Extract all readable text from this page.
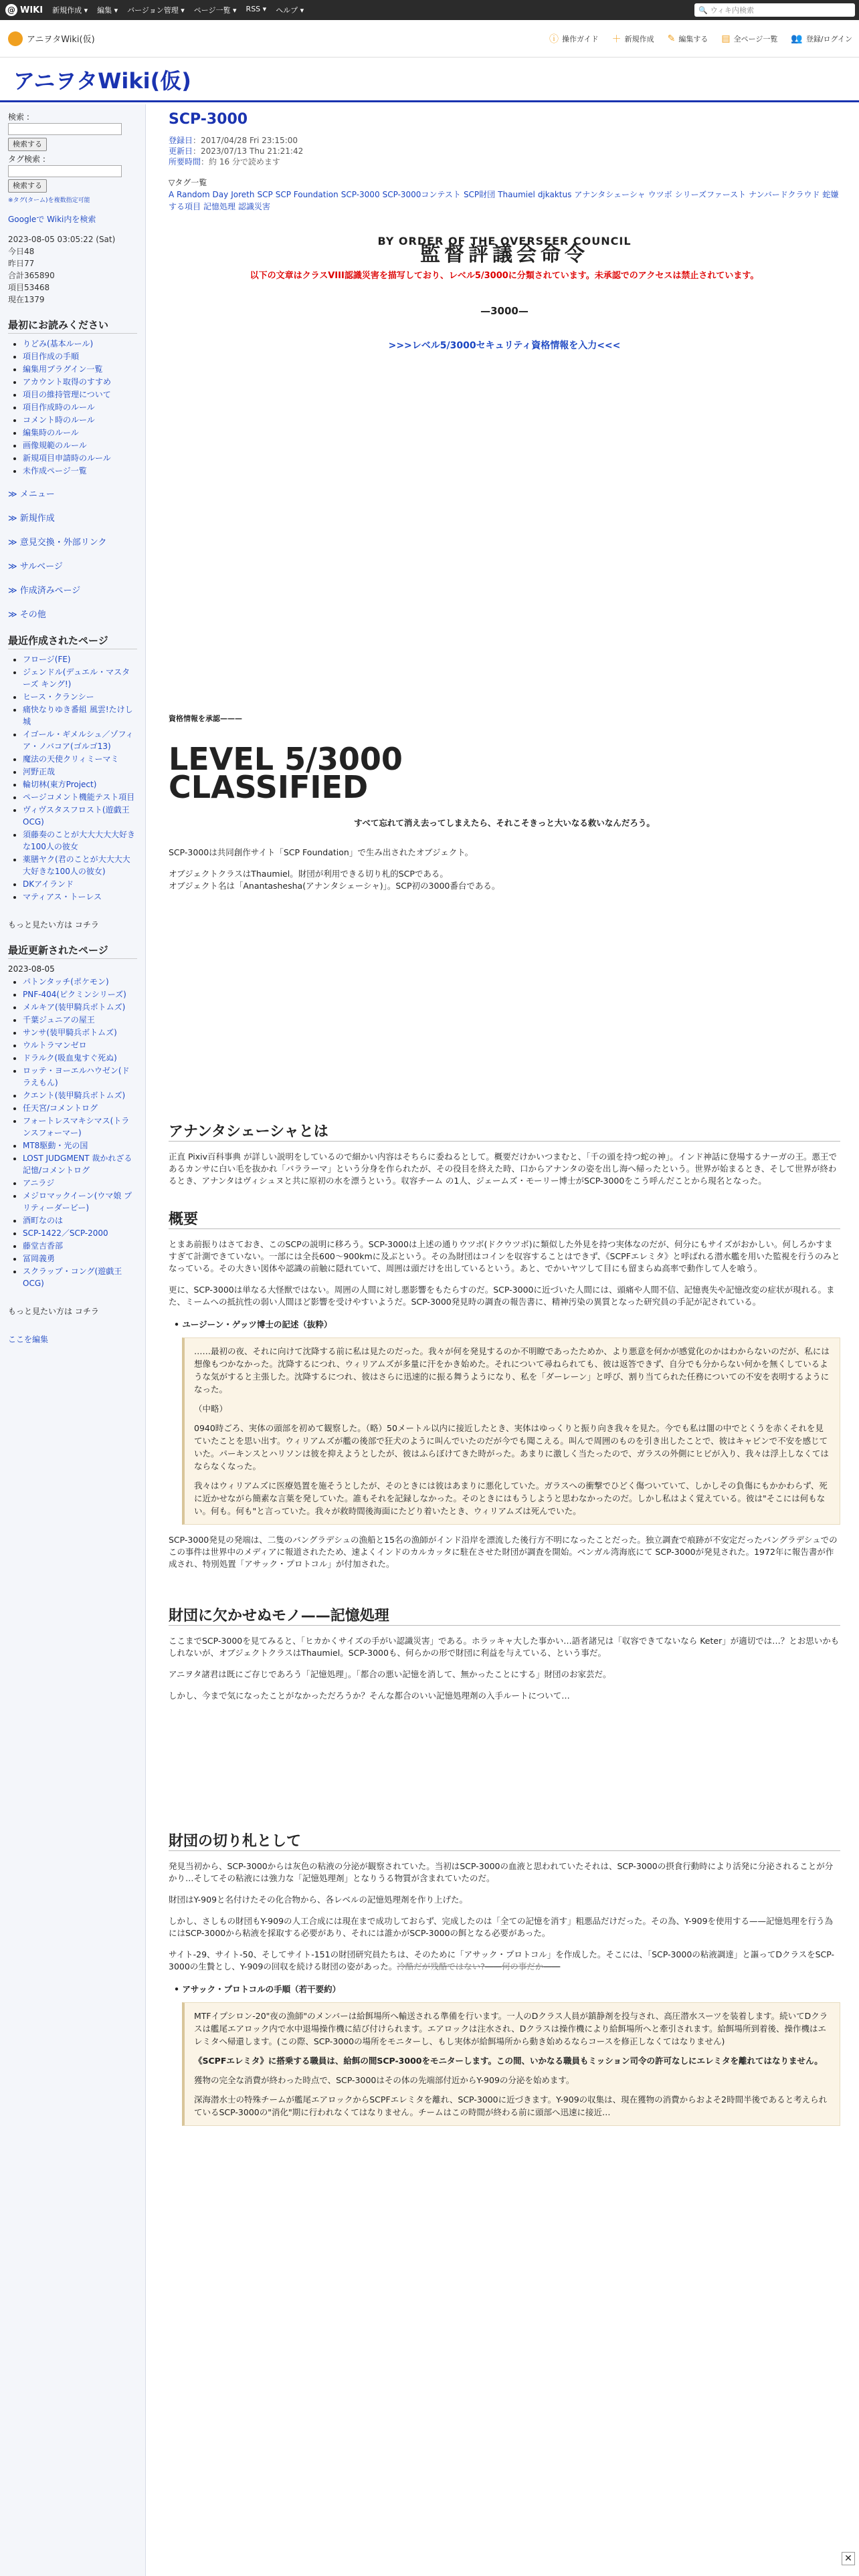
@ WIKI 新規作成 ▾ 編集 ▾ バージョン管理 ▾ ページ一覧 ▾ RSS ▾ ヘルプ ▾	🔍 ウィキ内検索
アニヲタWiki(仮)	ⓘ 操作ガイド ＋ 新規作成 ✎ 編集する ▤ 全ページ一覧 👥 登録/ログイン
アニヲタWiki(仮)
検索 :
検索する
タグ検索 :
検索する
※タグ(ターム)を複数指定可能
Googleで Wiki内を検索
2023-08-05 03:05:22 (Sat)
今日48
昨日77
合計365890
項目53468
現在1379
最初にお読みください
• りどみ(基本ルール)
• 項目作成の手順
• 編集用プラグイン一覧
• アカウント取得のすすめ
• 項目の維持管理について
• 項目作成時のルール
• コメント時のルール
• 編集時のルール
• 画像規範のルール
• 新規項目申請時のルール
• 未作成ページ一覧
≫ メニュー
≫ 新規作成
≫ 意見交換・外部リンク
≫ サルベージ
≫ 作成済みページ
≫ その他
最近作成されたページ
• フロージ(FE)
• ジェンドル(デュエル・マスターズ キング!)
• ヒース・クランシー
• 痛快なりゆき番組 風雲!たけし城
• イゴール・ギメルシュ／ゾフィア・ノバコア(ゴルゴ13)
• 魔法の天使クリィミーマミ
• 河野正哉
• 輪切林(東方Project)
• ページコメント機能テスト項目
• ヴィヴスタスフロスト(遊戯王OCG)
• 須藤奏のことが大大大大大好きな100人の彼女
• 薬膳ヤク(君のことが大大大大大好きな100人の彼女)
• DKアイランド
• マティアス・トーレス
もっと見たい方は コチラ
最近更新されたページ
2023-08-05
• パトンタッチ(ポケモン)
• PNF-404(ピクミンシリーズ)
• メルキア(装甲騎兵ボトムズ)
• 千葉ジュニアの屋王
• サンサ(装甲騎兵ボトムズ)
• ウルトラマンゼロ
• ドラルク(吸血鬼すぐ死ぬ)
• ロッテ・ヨーエルハウゼン(ドラえもん)
• クエント(装甲騎兵ボトムズ)
• 任天宮/コメントログ
• フォートレスマキシマス(トランスフォーマー)
• MT8駆動・光の国
• LOST JUDGMENT 裁かれざる記憶/コメントログ
• アニラジ
• メジロマックイーン(ウマ娘 プリティーダービー)
• 酒町なのは
• SCP-1422／SCP-2000
• 藤堂吉香部
• 冨岡義勇
• スクラップ・コング(遊戯王OCG)
もっと見たい方は コチラ
ここを編集
SCP-3000
登録日：2017/04/28 Fri 23:15:00
更新日：2023/07/13 Thu 21:21:42
所要時間：約 16 分で読めます
▽タグ一覧
A Random Day Joreth SCP SCP Foundation SCP-3000 SCP-3000コンテスト SCP財団 Thaumiel djkaktus アナンタシェーシャ ウツボ シリーズファースト ナンバードクラウド 蛇嫌する項目 記憶処理 認識災害
BY ORDER OF THE OVERSEER COUNCIL
監督評議会命令
以下の文章はクラスVIII認識災害を描写しており、レベル5/3000に分類されています。未承認でのアクセスは禁止されています。
—3000—
>>>レベル5/3000セキュリティ資格情報を入力<<<
資格情報を承認———
LEVEL 5/3000
CLASSIFIED
すべて忘れて消え去ってしまえたら、それこそきっと大いなる救いなんだろう。
SCP-3000は共同創作サイト「SCP Foundation」で生み出されたオブジェクト。
オブジェクトクラスはThaumiel。財団が利用できる切り札的SCPである。
オブジェクト名は「Anantashesha(アナンタシェーシャ)」。SCP初の3000番台である。
アナンタシェーシャとは
正直 Pixiv百科事典 が詳しい説明をしているので細かい内容はそちらに委ねるとして。概要だけかいつまむと、「千の頭を持つ蛇の神」。インド神話に登場するナーガの王。悪王であるカンサに白い毛を抜かれ「バララーマ」という分身を作られたが、その役目を終えた時、口からアナンタの姿を出し海へ帰ったという。世界が始まるとき、そして世界が終わるとき、アナンタはヴィシュヌと共に原初の水を漂うという。収容チーム の1人、ジェームズ・モーリー博士がSCP-3000をこう呼んだことから現名となった。
概要
とまあ前振りはさておき、このSCPの説明に移ろう。SCP-3000は上述の通りウツボ(ドクウツボ)に類似した外見を持つ実体なのだが、何分にもサイズがおかしい。何しろかすますぎて計測できていない。一部には全長600〜900kmに及ぶという。その為財団はコインを収容することはできず、《SCPFエレミタ》と呼ばれる潜水艦を用いた監視を行うのみとなっている。その大きい図体や認識の前触に隠れていて、周囲は頭だけを出しているという。あと、でかいヤツして目にも留まらぬ高率で動作して人を喰う。
更に、SCP-3000は単なる大怪獣ではない。周囲の人間に対し悪影響をもたらすのだ。SCP-3000に近づいた人間には、頭痛や人間不信、記憶喪失や記憶改変の症状が現れる。また、ミームへの抵抗性の弱い人間ほど影響を受けやすいようだ。SCP-3000発見時の調査の報告書に、精神汚染の異質となった研究員の手記が記されている。
• ユージーン・ゲッツ博士の記述（抜粋）
……最初の夜、それに向けて沈降する前に私は見たのだった。我々が何を発見するのか不明瞭であったためか、より悪意を何かが感覚化のかはわからないのだが、私には想像もつかなかった。沈降するにつれ、ウィリアムズが多量に汗をかき始めた。それについて尋ねられても、彼は返答できず、自分でも分からない何かを無くしているような気がすると主張した。沈降するにつれ、彼はさらに迅速的に振る舞うようになり、私を「ダーレーン」と呼び、割り当てられた任務についての不安を表明するようになった。
（中略）
0940時ごろ、実体の頭部を初めて観察した。（略）50メートル以内に接近したとき、実体はゆっくりと振り向き我々を見た。今でも私は闇の中でとくうを赤くそれを見ていたことを思い出す。ウィリアムズが艦の後部で狂犬のように叫んでいたのだが今でも聞こえる。叫んで周囲のものを引き出したことで、彼はキャビンで不安を感じていた。パーキンスとハリソンは彼を抑えようとしたが、彼はふらぼけてきた時がった。あまりに激しく当たったので、ガラスの外側にヒビが入り、我々は浮上しなくてはならなくなった。
我々はウィリアムズに医療処置を施そうとしたが、そのときには彼はあまりに悪化していた。ガラスへの衝撃でひどく傷ついていて、しかしその負傷にもかかわらず、死に近かせながら簡素な言葉を発していた。誰もそれを記録しなかった。そのときにはもうしようと思わなかったのだ。しかし私はよく覚えている。彼は"そこには何もない。何も。何も"と言っていた。我々が救時間後海面にたどり着いたとき、ウィリアムズは死んでいた。
SCP-3000発見の発端は、二隻のバングラデシュの漁船と15名の漁師がインド沿岸を漂流した後行方不明になったことだった。独立調査で痕跡が不安定だったバングラデシュでのこの事件は世界中のメディアに報道されたため、速よくインドのカルカッタに駐在させた財団が調査を開始。ベンガル湾海底にて SCP-3000が発見された。1972年に報告書が作成され、特別処置「アサック・プロトコル」が付加された。
財団に欠かせぬモノ——記憶処理
ここまでSCP-3000を見てみると、「ヒカかくサイズの手がい認識災害」である。ホラッキャ大した事かい…語者諸兄は「収容できてないなら Keter」が適切では…？とお思いかもしれないが、オブジェクトクラスはThaumiel。SCP-3000も、何らかの形で財団に利益を与えている、という事だ。
アニヲタ諸君は既にご存じであろう「記憶処理」。「都合の悪い記憶を消して、無かったことにする」財団のお家芸だ。
しかし、今まで気になったことがなかっただろうか？そんな都合のいい記憶処理剤の入手ルートについて…
財団の切り札として
発見当初から、SCP-3000からは灰色の粘液の分泌が観察されていた。当初はSCP-3000の血液と思われていたそれは、SCP-3000の摂食行動時により活発に分泌されることが分かり…そしてその粘液には強力な「記憶処理剤」となりうる物質が含まれていたのだ。
財団はY-909と名付けたその化合物から、各レベルの記憶処理剤を作り上げた。
しかし、さしもの財団もY-909の人工合成には現在まで成功しておらず、完成したのは「全ての記憶を消す」粗悪品だけだった。その為、Y-909を使用する——記憶処理を行う為にはSCP-3000から粘液を採取する必要があり、それには誰かがSCP-3000の餌となる必要があった。
サイト-29、サイト-50、そしてサイト-151の財団研究員たちは、そのために「アサック・プロトコル」を作成した。そこには、「SCP-3000の粘液調達」と謳ってDクラスをSCP-3000の生贄とし、Y-909の回収を続ける財団の姿があった。冷酷だが残酷ではない?――何の事だか――
• アサック・プロトコルの手順（若干要約）
MTFイプシロン-20"夜の漁師"のメンバーは給餌場所へ輸送される準備を行います。一人のDクラス人員が鎮静剤を投与され、高圧潜水スーツを装着します。続いてDクラスは艦尾エアロック内で水中退場操作機に結び付けられます。エアロックは注水され、Dクラスは操作機により給餌場所へと牽引されます。給餌場所到着後、操作機はエレミタへ帰還します。(この際、SCP-3000の場所をモニターし、もし実体が給餌場所から動き始めるならコースを修正しなくてはなりません)
《SCPFエレミタ》に搭乗する職員は、給餌の間SCP-3000をモニターします。この間、いかなる職員もミッション司令の許可なしにエレミタを離れてはなりません。
獲物の完全な消費が終わった時点で、SCP-3000はその体の先端部付近からY-909の分泌を始めます。
深海潜水士の特殊チームが艦尾エアロックからSCPFエレミタを離れ、SCP-3000に近づきます。Y-909の収集は、現在獲物の消費からおよそ2時間半後であると考えられているSCP-3000の"消化"期に行われなくてはなりません。チームはこの時間が終わる前に頭部へ迅速に接近…
✕
